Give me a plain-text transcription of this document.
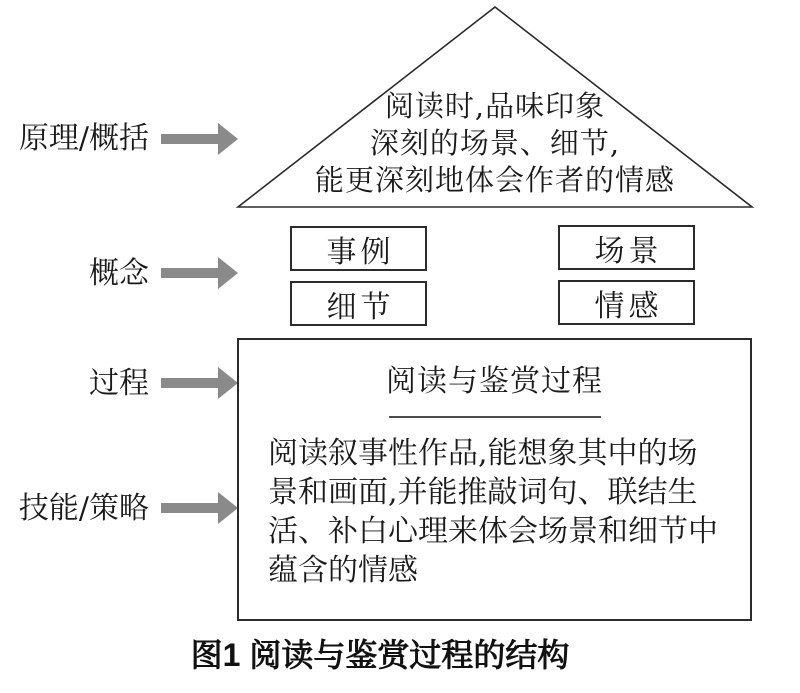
阅读时,品味印象
深刻的场景、细节,
能更深刻地体会作者的情感
原理/概括
概念
过程
技能/策略
事例	场景
细节	情感
阅读与鉴赏过程
阅读叙事性作品,能想象其中的场
景和画面,并能推敲词句、联结生
活、补白心理来体会场景和细节中
蕴含的情感
图1 阅读与鉴赏过程的结构
